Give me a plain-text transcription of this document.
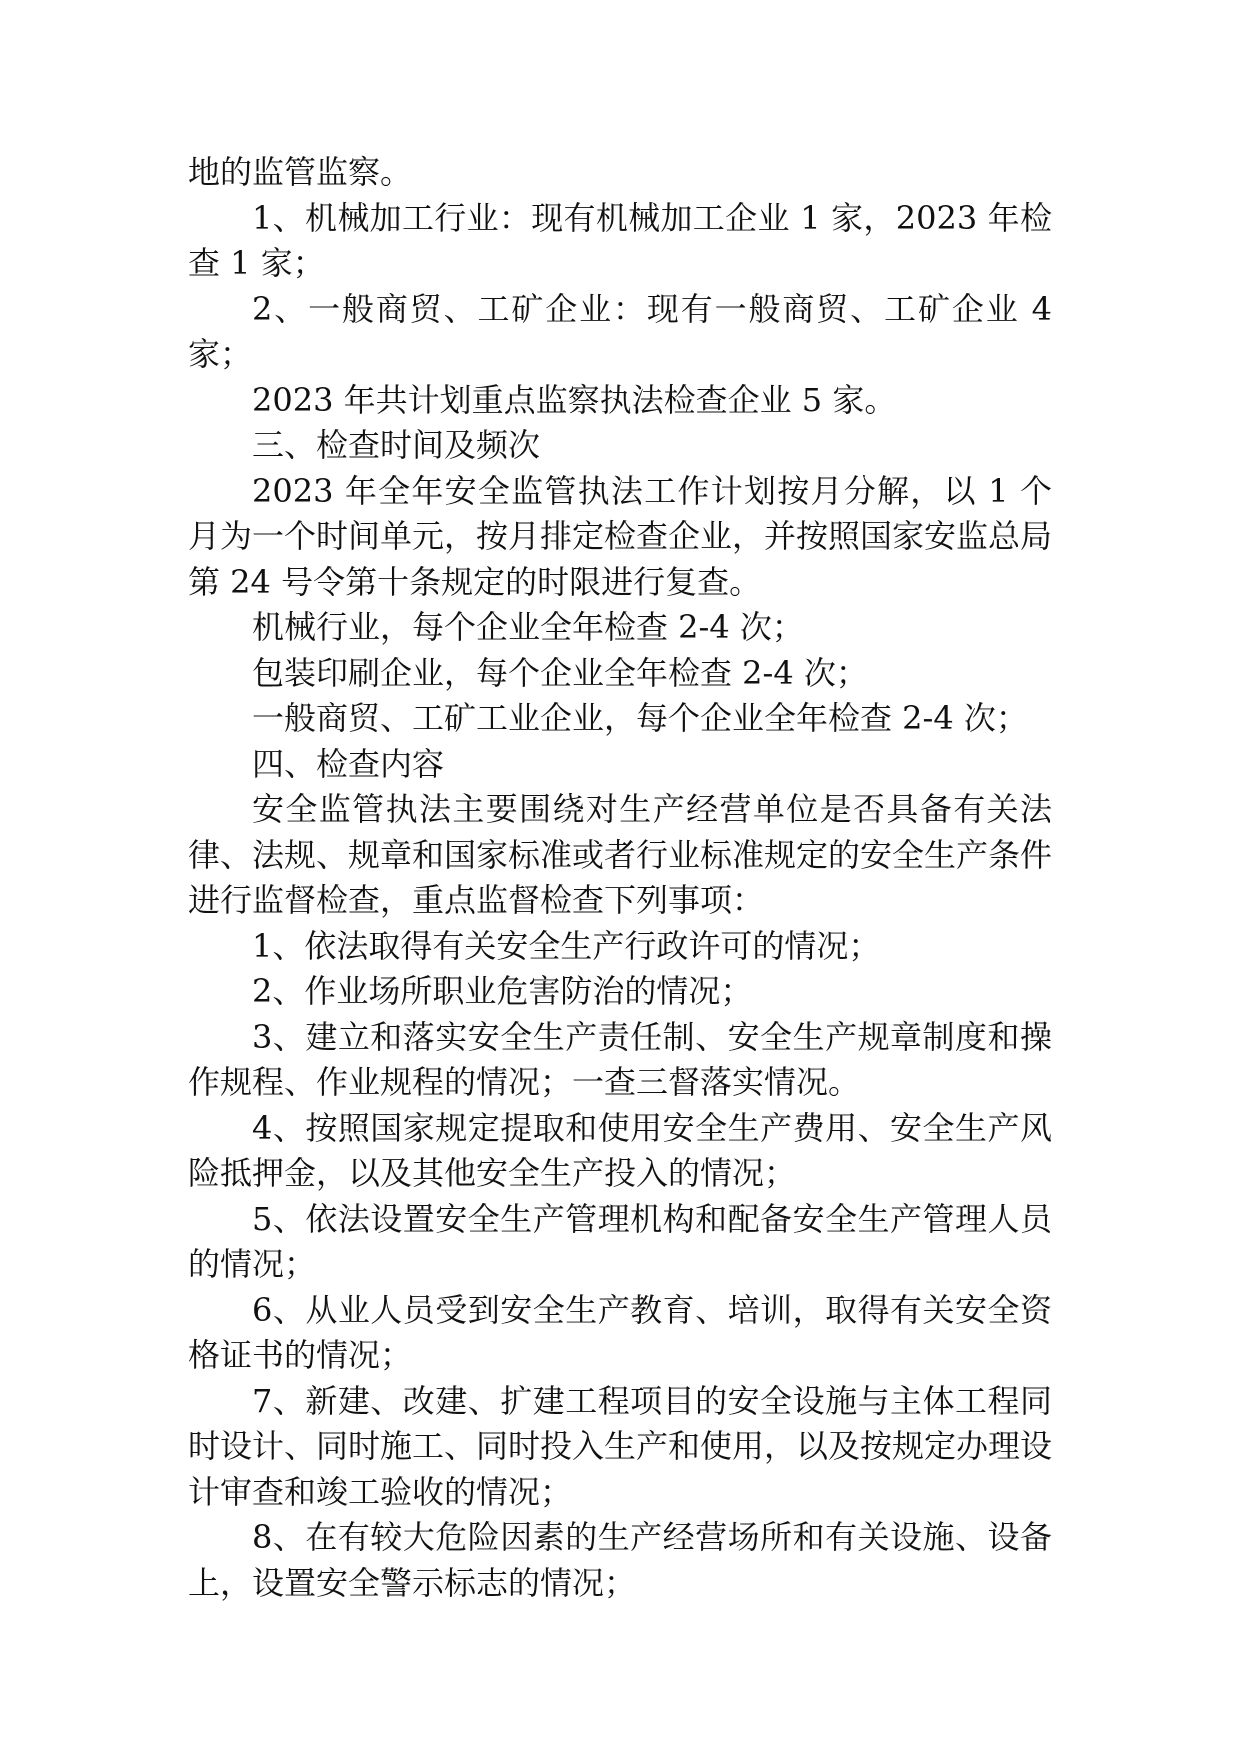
地的监管监察。

1、机械加工行业：现有机械加工企业 1 家，2023 年检查 1 家；

2、一般商贸、工矿企业：现有一般商贸、工矿企业 4 家；

2023 年共计划重点监察执法检查企业 5 家。

三、检查时间及频次

2023 年全年安全监管执法工作计划按月分解，以 1 个月为一个时间单元，按月排定检查企业，并按照国家安监总局第 24 号令第十条规定的时限进行复查。

机械行业，每个企业全年检查 2-4 次；

包装印刷企业，每个企业全年检查 2-4 次；

一般商贸、工矿工业企业，每个企业全年检查 2-4 次；

四、检查内容

安全监管执法主要围绕对生产经营单位是否具备有关法律、法规、规章和国家标准或者行业标准规定的安全生产条件进行监督检查，重点监督检查下列事项：

1、依法取得有关安全生产行政许可的情况；

2、作业场所职业危害防治的情况；

3、建立和落实安全生产责任制、安全生产规章制度和操作规程、作业规程的情况；一查三督落实情况。

4、按照国家规定提取和使用安全生产费用、安全生产风险抵押金，以及其他安全生产投入的情况；

5、依法设置安全生产管理机构和配备安全生产管理人员的情况；

6、从业人员受到安全生产教育、培训，取得有关安全资格证书的情况；

7、新建、改建、扩建工程项目的安全设施与主体工程同时设计、同时施工、同时投入生产和使用，以及按规定办理设计审查和竣工验收的情况；

8、在有较大危险因素的生产经营场所和有关设施、设备上，设置安全警示标志的情况；
